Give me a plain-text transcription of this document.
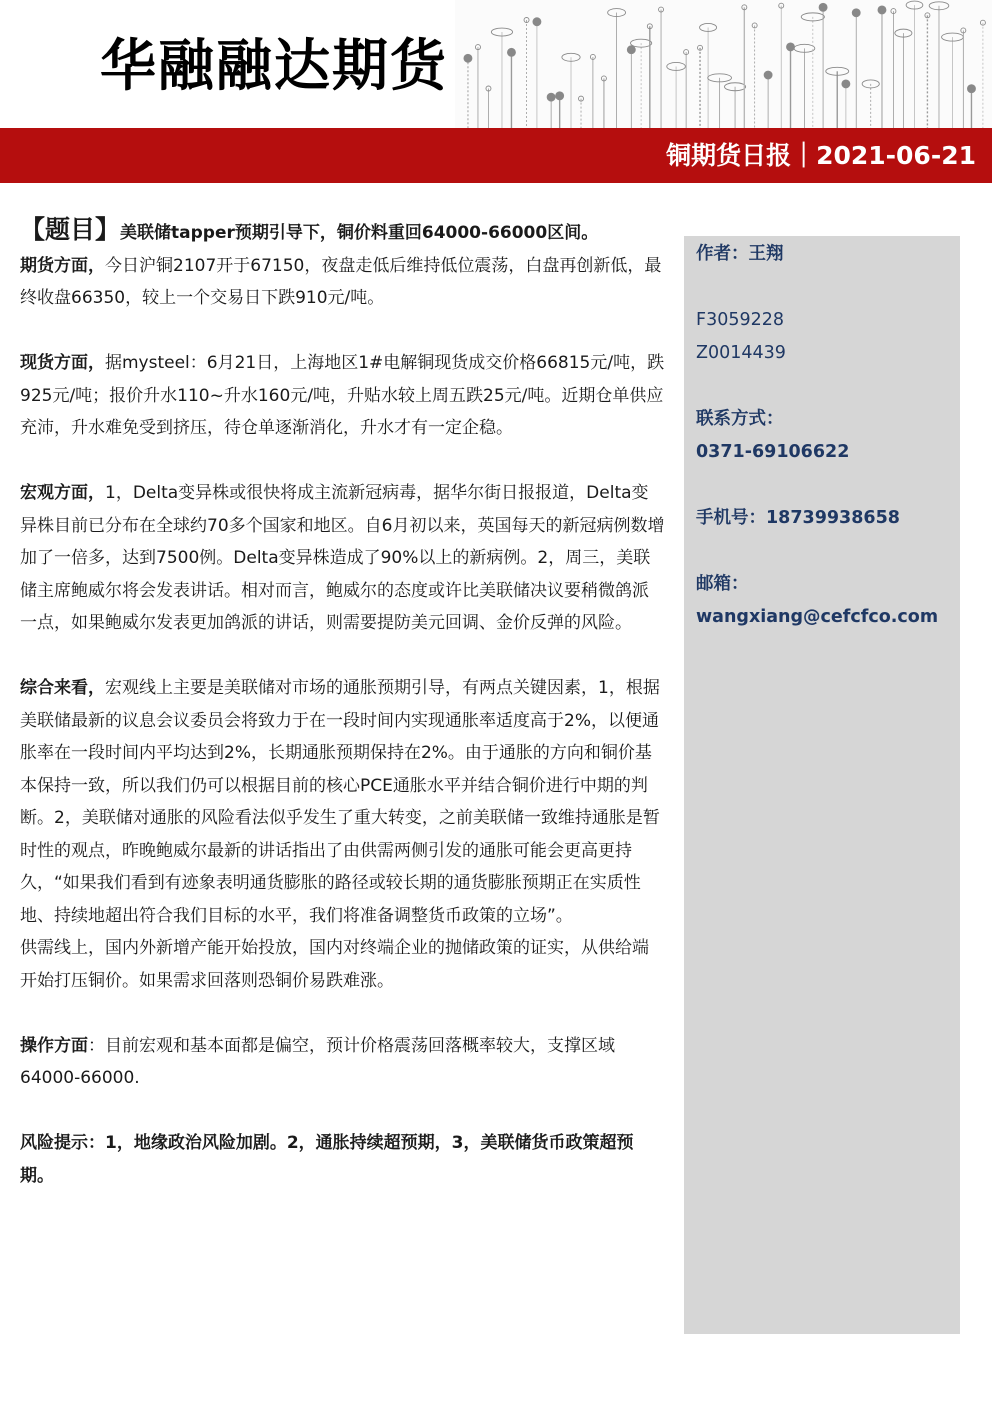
华融融达期货
铜期货日报｜2021-06-21

【题目】美联储tapper预期引导下，铜价料重回64000-66000区间。

期货方面，今日沪铜2107开于67150，夜盘走低后维持低位震荡，白盘再创新低，最终收盘66350，较上一个交易日下跌910元/吨。

现货方面，据mysteel：6月21日，上海地区1#电解铜现货成交价格66815元/吨，跌925元/吨；报价升水110~升水160元/吨，升贴水较上周五跌25元/吨。近期仓单供应充沛，升水难免受到挤压，待仓单逐渐消化，升水才有一定企稳。

宏观方面，1，Delta变异株或很快将成主流新冠病毒，据华尔街日报报道，Delta变异株目前已分布在全球约70多个国家和地区。自6月初以来，英国每天的新冠病例数增加了一倍多，达到7500例。Delta变异株造成了90%以上的新病例。2，周三，美联储主席鲍威尔将会发表讲话。相对而言，鲍威尔的态度或许比美联储决议要稍微鸽派一点，如果鲍威尔发表更加鸽派的讲话，则需要提防美元回调、金价反弹的风险。

综合来看，宏观线上主要是美联储对市场的通胀预期引导，有两点关键因素，1，根据美联储最新的议息会议委员会将致力于在一段时间内实现通胀率适度高于2%，以便通胀率在一段时间内平均达到2%，长期通胀预期保持在2%。由于通胀的方向和铜价基本保持一致，所以我们仍可以根据目前的核心PCE通胀水平并结合铜价进行中期的判断。2，美联储对通胀的风险看法似乎发生了重大转变，之前美联储一致维持通胀是暂时性的观点，昨晚鲍威尔最新的讲话指出了由供需两侧引发的通胀可能会更高更持久，“如果我们看到有迹象表明通货膨胀的路径或较长期的通货膨胀预期正在实质性地、持续地超出符合我们目标的水平，我们将准备调整货币政策的立场”。

供需线上，国内外新增产能开始投放，国内对终端企业的抛储政策的证实，从供给端开始打压铜价。如果需求回落则恐铜价易跌难涨。

操作方面：目前宏观和基本面都是偏空，预计价格震荡回落概率较大，支撑区域64000-66000.

风险提示：1，地缘政治风险加剧。2，通胀持续超预期，3，美联储货币政策超预期。

作者：王翔
F3059228
Z0014439
联系方式：
0371-69106622
手机号：18739938658
邮箱：
wangxiang@cefcfco.com
